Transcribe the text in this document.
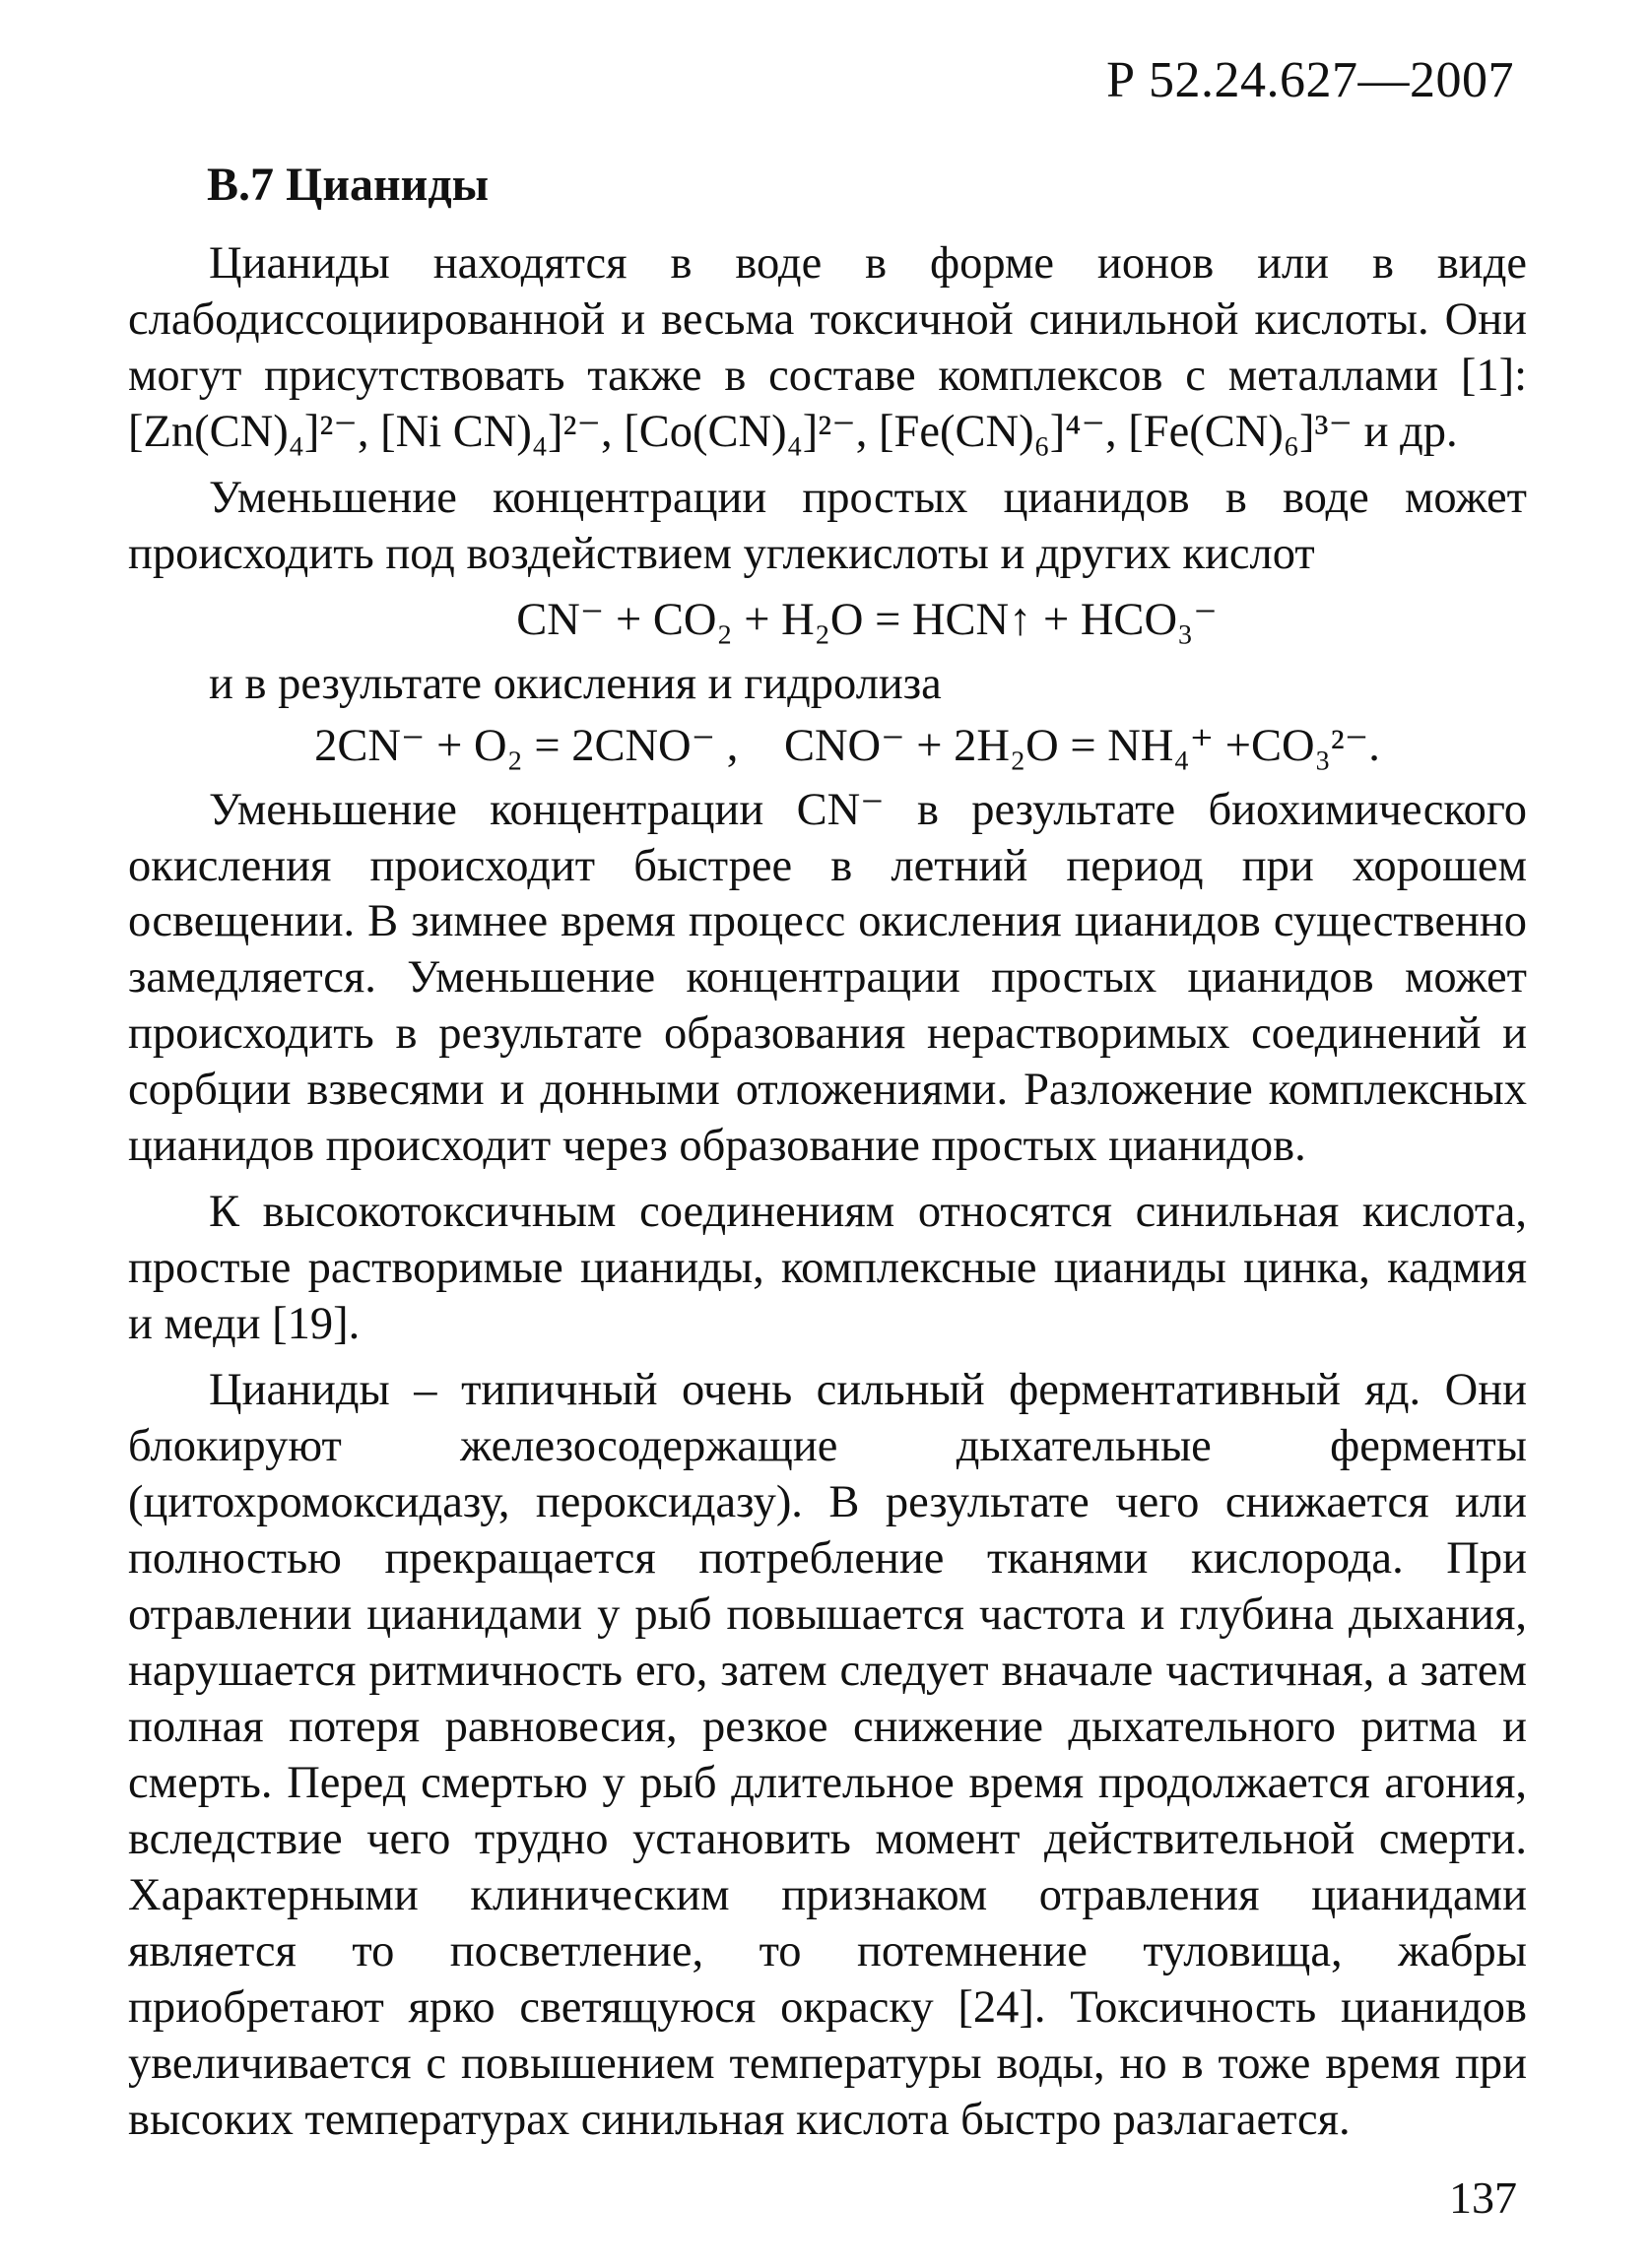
Р 52.24.627—2007
В.7 Цианиды

Цианиды находятся в воде в форме ионов или в виде слабодиссоциированной и весьма токсичной синильной кислоты. Они могут присутствовать также в составе комплексов с металлами [1]: [Zn(CN)₄]²⁻, [Ni CN)₄]²⁻, [Co(CN)₄]²⁻, [Fe(CN)₆]⁴⁻, [Fe(CN)₆]³⁻ и др.

Уменьшение концентрации простых цианидов в воде может происходить под воздействием углекислоты и других кислот

CN⁻ + CO₂ + H₂O = HCN↑ + HCO₃⁻
и в результате окисления и гидролиза
2CN⁻ + O₂ = 2CNO⁻ , CNO⁻ + 2H₂O = NH₄⁺ +CO₃²⁻.

Уменьшение концентрации CN⁻ в результате биохимического окисления происходит быстрее в летний период при хорошем освещении. В зимнее время процесс окисления цианидов существенно замедляется. Уменьшение концентрации простых цианидов может происходить в результате образования нерастворимых соединений и сорбции взвесями и донными отложениями. Разложение комплексных цианидов происходит через образование простых цианидов.

К высокотоксичным соединениям относятся синильная кислота, простые растворимые цианиды, комплексные цианиды цинка, кадмия и меди [19].

Цианиды – типичный очень сильный ферментативный яд. Они блокируют железосодержащие дыхательные ферменты (цитохромоксидазу, пероксидазу). В результате чего снижается или полностью прекращается потребление тканями кислорода. При отравлении цианидами у рыб повышается частота и глубина дыхания, нарушается ритмичность его, затем следует вначале частичная, а затем полная потеря равновесия, резкое снижение дыхательного ритма и смерть. Перед смертью у рыб длительное время продолжается агония, вследствие чего трудно установить момент действительной смерти. Характерными клиническим признаком отравления цианидами является то посветление, то потемнение туловища, жабры приобретают ярко светящуюся окраску [24]. Токсичность цианидов увеличивается с повышением температуры воды, но в тоже время при высоких температурах синильная кислота быстро разлагается.

137
